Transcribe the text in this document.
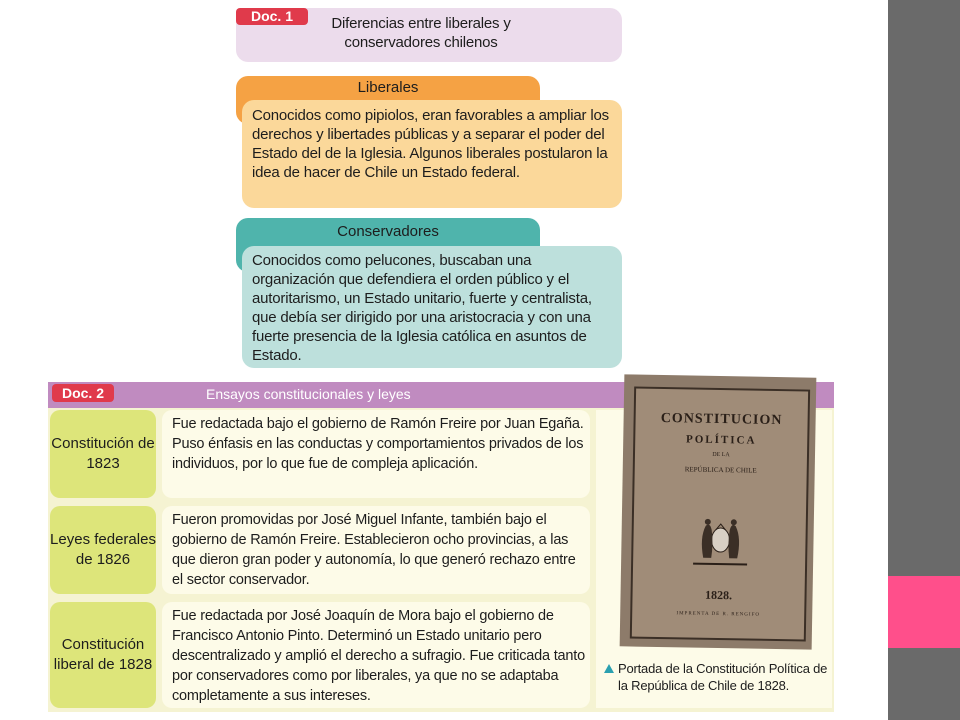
Doc. 1	Diferencias entre liberales y conservadores chilenos
Liberales
Conocidos como pipiolos, eran favorables a ampliar los derechos y libertades públicas y a separar el poder del Estado del de la Iglesia. Algunos liberales postularon la idea de hacer de Chile un Estado federal.
Conservadores
Conocidos como pelucones, buscaban una organización que defendiera el orden público y el autoritarismo, un Estado unitario, fuerte y centralista, que debía ser dirigido por una aristocracia y con una fuerte presencia de la Iglesia católica en asuntos de Estado.
Doc. 2	Ensayos constitucionales y leyes
Constitución de 1823
Fue redactada bajo el gobierno de Ramón Freire por Juan Egaña. Puso énfasis en las conductas y comportamientos privados de los individuos, por lo que fue de compleja aplicación.
Leyes federales de 1826
Fueron promovidas por José Miguel Infante, también bajo el gobierno de Ramón Freire. Establecieron ocho provincias, a las que dieron gran poder y autonomía, lo que generó rechazo entre el sector conservador.
Constitución liberal de 1828
Fue redactada por José Joaquín de Mora bajo el gobierno de Francisco Antonio Pinto. Determinó un Estado unitario pero descentralizado y amplió el derecho a sufragio. Fue criticada tanto por conservadores como por liberales, ya que no se adaptaba completamente a sus intereses.
CONSTITUCION
POLÍTICA
DE LA
REPÚBLICA DE CHILE
1828.
IMPRENTA DE R. RENGIFO
Portada de la Constitución Política de la República de Chile de 1828.
